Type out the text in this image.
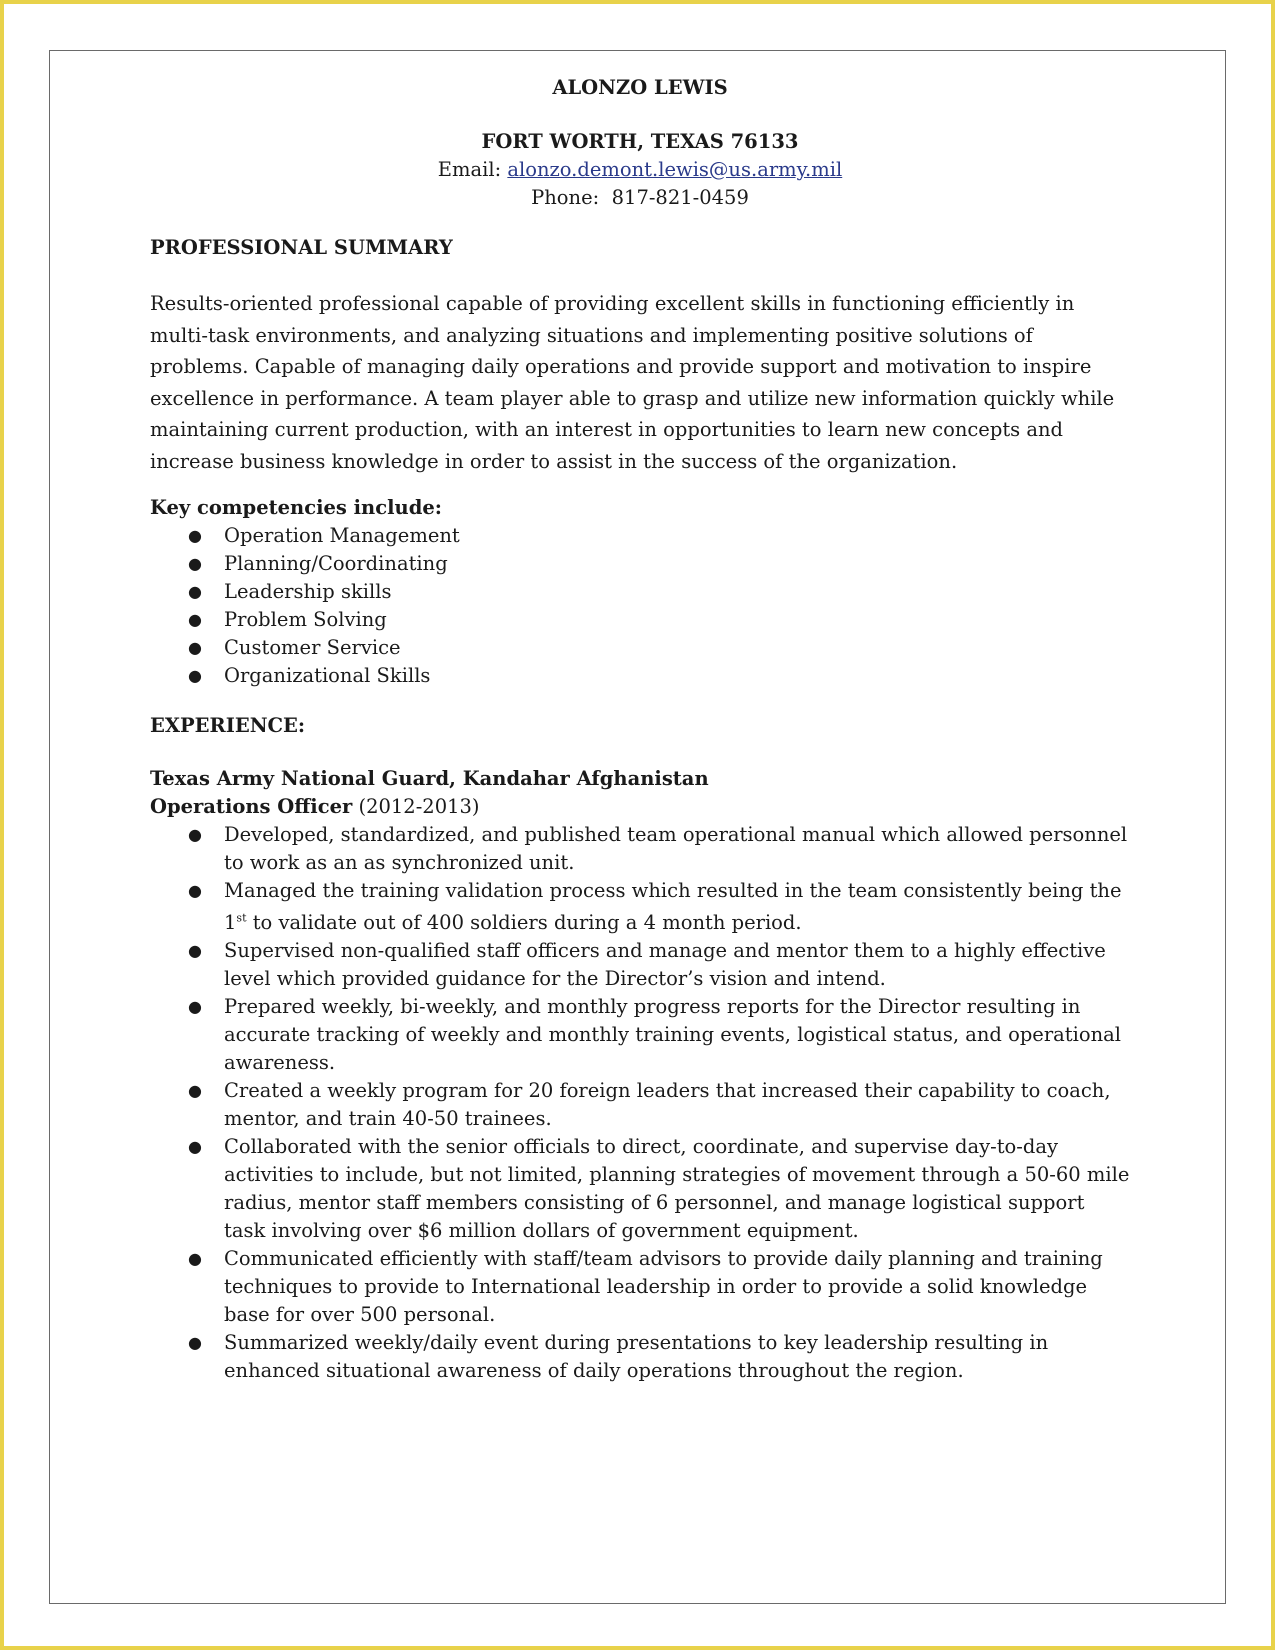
ALONZO LEWIS
FORT WORTH, TEXAS 76133
Email: alonzo.demont.lewis@us.army.mil
Phone:  817-821-0459
PROFESSIONAL SUMMARY
Results-oriented professional capable of providing excellent skills in functioning efficiently in multi-task environments, and analyzing situations and implementing positive solutions of problems. Capable of managing daily operations and provide support and motivation to inspire excellence in performance. A team player able to grasp and utilize new information quickly while maintaining current production, with an interest in opportunities to learn new concepts and increase business knowledge in order to assist in the success of the organization.
Key competencies include:
● Operation Management
● Planning/Coordinating
● Leadership skills
● Problem Solving
● Customer Service
● Organizational Skills
EXPERIENCE:
Texas Army National Guard, Kandahar Afghanistan
Operations Officer (2012-2013)
● Developed, standardized, and published team operational manual which allowed personnel to work as an as synchronized unit.
● Managed the training validation process which resulted in the team consistently being the 1st to validate out of 400 soldiers during a 4 month period.
● Supervised non-qualified staff officers and manage and mentor them to a highly effective level which provided guidance for the Director’s vision and intend.
● Prepared weekly, bi-weekly, and monthly progress reports for the Director resulting in accurate tracking of weekly and monthly training events, logistical status, and operational awareness.
● Created a weekly program for 20 foreign leaders that increased their capability to coach, mentor, and train 40-50 trainees.
● Collaborated with the senior officials to direct, coordinate, and supervise day-to-day activities to include, but not limited, planning strategies of movement through a 50-60 mile radius, mentor staff members consisting of 6 personnel, and manage logistical support task involving over $6 million dollars of government equipment.
● Communicated efficiently with staff/team advisors to provide daily planning and training techniques to provide to International leadership in order to provide a solid knowledge base for over 500 personal.
● Summarized weekly/daily event during presentations to key leadership resulting in enhanced situational awareness of daily operations throughout the region.
